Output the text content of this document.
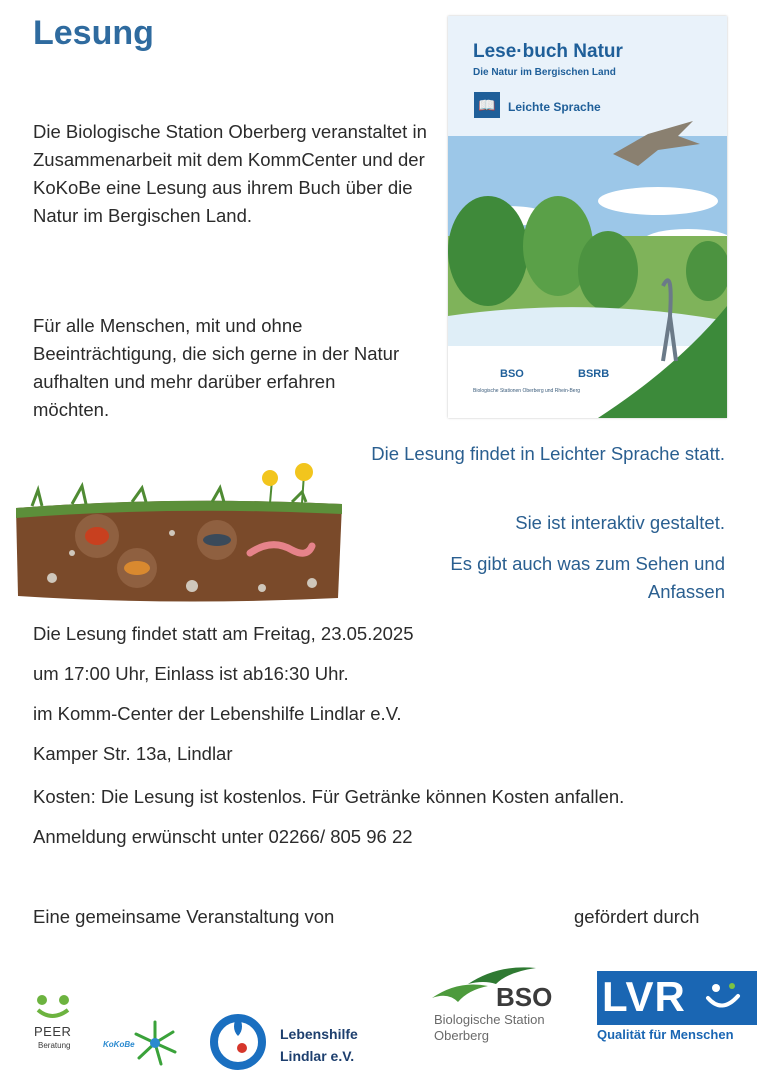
Lesung

Die Biologische Station Oberberg veranstaltet in Zusammenarbeit mit dem KommCenter und der KoKoBe eine Lesung aus ihrem Buch über die Natur im Bergischen Land.

Für alle Menschen, mit und ohne Beeinträchtigung, die sich gerne in der Natur aufhalten und mehr darüber erfahren möchten.

Lese·buch Natur

Die Natur im Bergischen Land

📖	Leichte Sprache

BSO	BSRB

Biologische Stationen Oberberg und Rhein-Berg

Die Lesung findet in Leichter Sprache statt.

Sie ist interaktiv gestaltet.

Es gibt auch was zum Sehen und Anfassen

Die Lesung findet statt am Freitag, 23.05.2025

um 17:00 Uhr, Einlass ist ab16:30 Uhr.

im Komm-Center der Lebenshilfe Lindlar e.V.

Kamper Str. 13a, Lindlar

Kosten: Die Lesung ist kostenlos. Für Getränke können Kosten anfallen.

Anmeldung erwünscht unter 02266/ 805 96 22

Eine gemeinsame Veranstaltung von	gefördert durch

PEER

Beratung	KoKoBe

Lebenshilfe

Lindlar e.V.

BSO

Biologische Station

Oberberg

LVR

Qualität für Menschen
